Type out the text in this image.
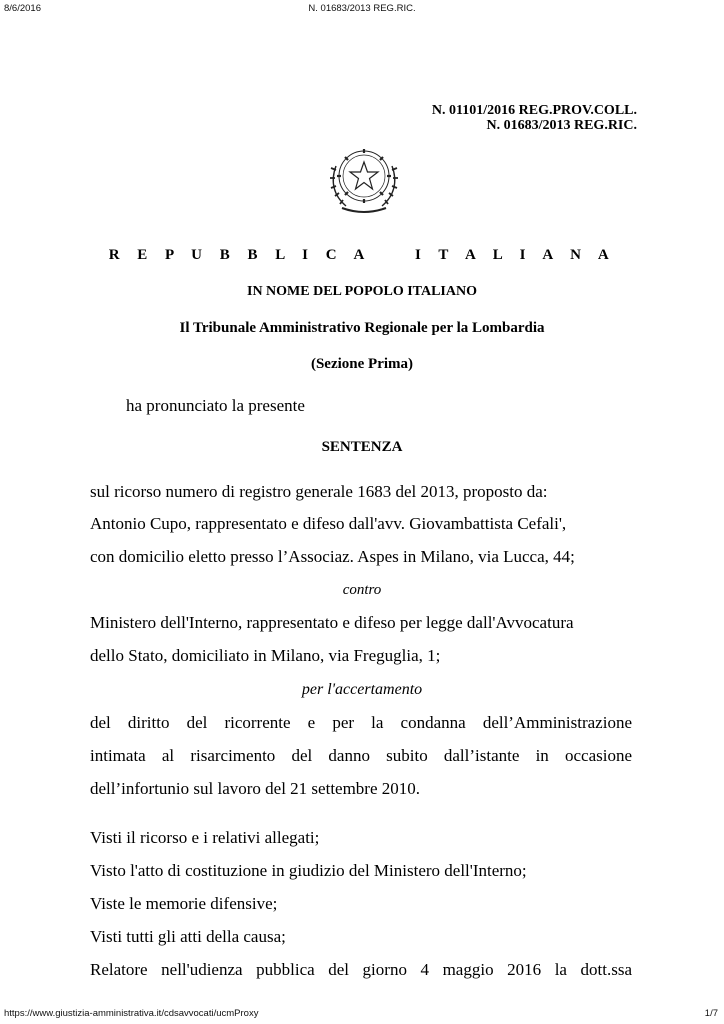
8/6/2016	N. 01683/2013 REG.RIC.
N. 01101/2016 REG.PROV.COLL.
N. 01683/2013 REG.RIC.
R E P U B B L I C A    I T A L I A N A
IN NOME DEL POPOLO ITALIANO
Il Tribunale Amministrativo Regionale per la Lombardia
(Sezione Prima)
ha pronunciato la presente
SENTENZA
sul ricorso numero di registro generale 1683 del 2013, proposto da:
Antonio Cupo, rappresentato e difeso dall'avv. Giovambattista Cefali',
con domicilio eletto presso l’Associaz. Aspes in Milano, via Lucca, 44;
contro
Ministero dell'Interno, rappresentato e difeso per legge dall'Avvocatura
dello Stato, domiciliato in Milano, via Freguglia, 1;
per l'accertamento
del diritto del ricorrente e per la condanna dell’Amministrazione
intimata al risarcimento del danno subito dall’istante in occasione
dell’infortunio sul lavoro del 21 settembre 2010.
Visti il ricorso e i relativi allegati;
Visto l'atto di costituzione in giudizio del Ministero dell'Interno;
Viste le memorie difensive;
Visti tutti gli atti della causa;
Relatore nell'udienza pubblica del giorno 4 maggio 2016 la dott.ssa
https://www.giustizia-amministrativa.it/cdsavvocati/ucmProxy	1/7
